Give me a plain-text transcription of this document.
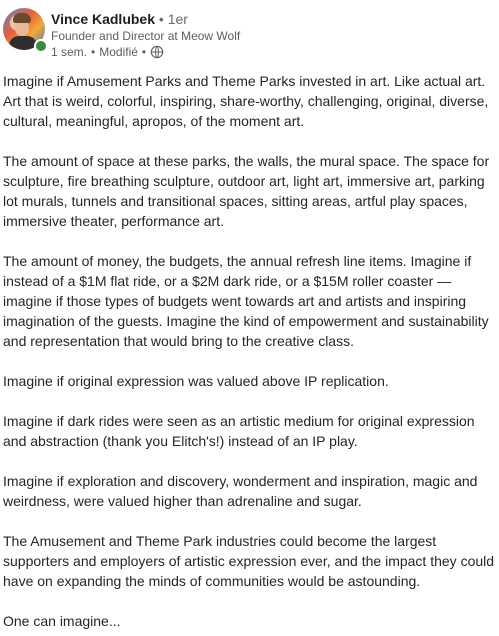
Vince Kadlubek • 1er
Founder and Director at Meow Wolf
1 sem. • Modifié •

Imagine if Amusement Parks and Theme Parks invested in art. Like actual art. Art that is weird, colorful, inspiring, share-worthy, challenging, original, diverse, cultural, meaningful, apropos, of the moment art.

The amount of space at these parks, the walls, the mural space. The space for sculpture, fire breathing sculpture, outdoor art, light art, immersive art, parking lot murals, tunnels and transitional spaces, sitting areas, artful play spaces, immersive theater, performance art.

The amount of money, the budgets, the annual refresh line items. Imagine if instead of a $1M flat ride, or a $2M dark ride, or a $15M roller coaster — imagine if those types of budgets went towards art and artists and inspiring imagination of the guests. Imagine the kind of empowerment and sustainability and representation that would bring to the creative class.

Imagine if original expression was valued above IP replication.

Imagine if dark rides were seen as an artistic medium for original expression and abstraction (thank you Elitch's!) instead of an IP play.

Imagine if exploration and discovery, wonderment and inspiration, magic and weirdness, were valued higher than adrenaline and sugar.

The Amusement and Theme Park industries could become the largest supporters and employers of artistic expression ever, and the impact they could have on expanding the minds of communities would be astounding.

One can imagine...
